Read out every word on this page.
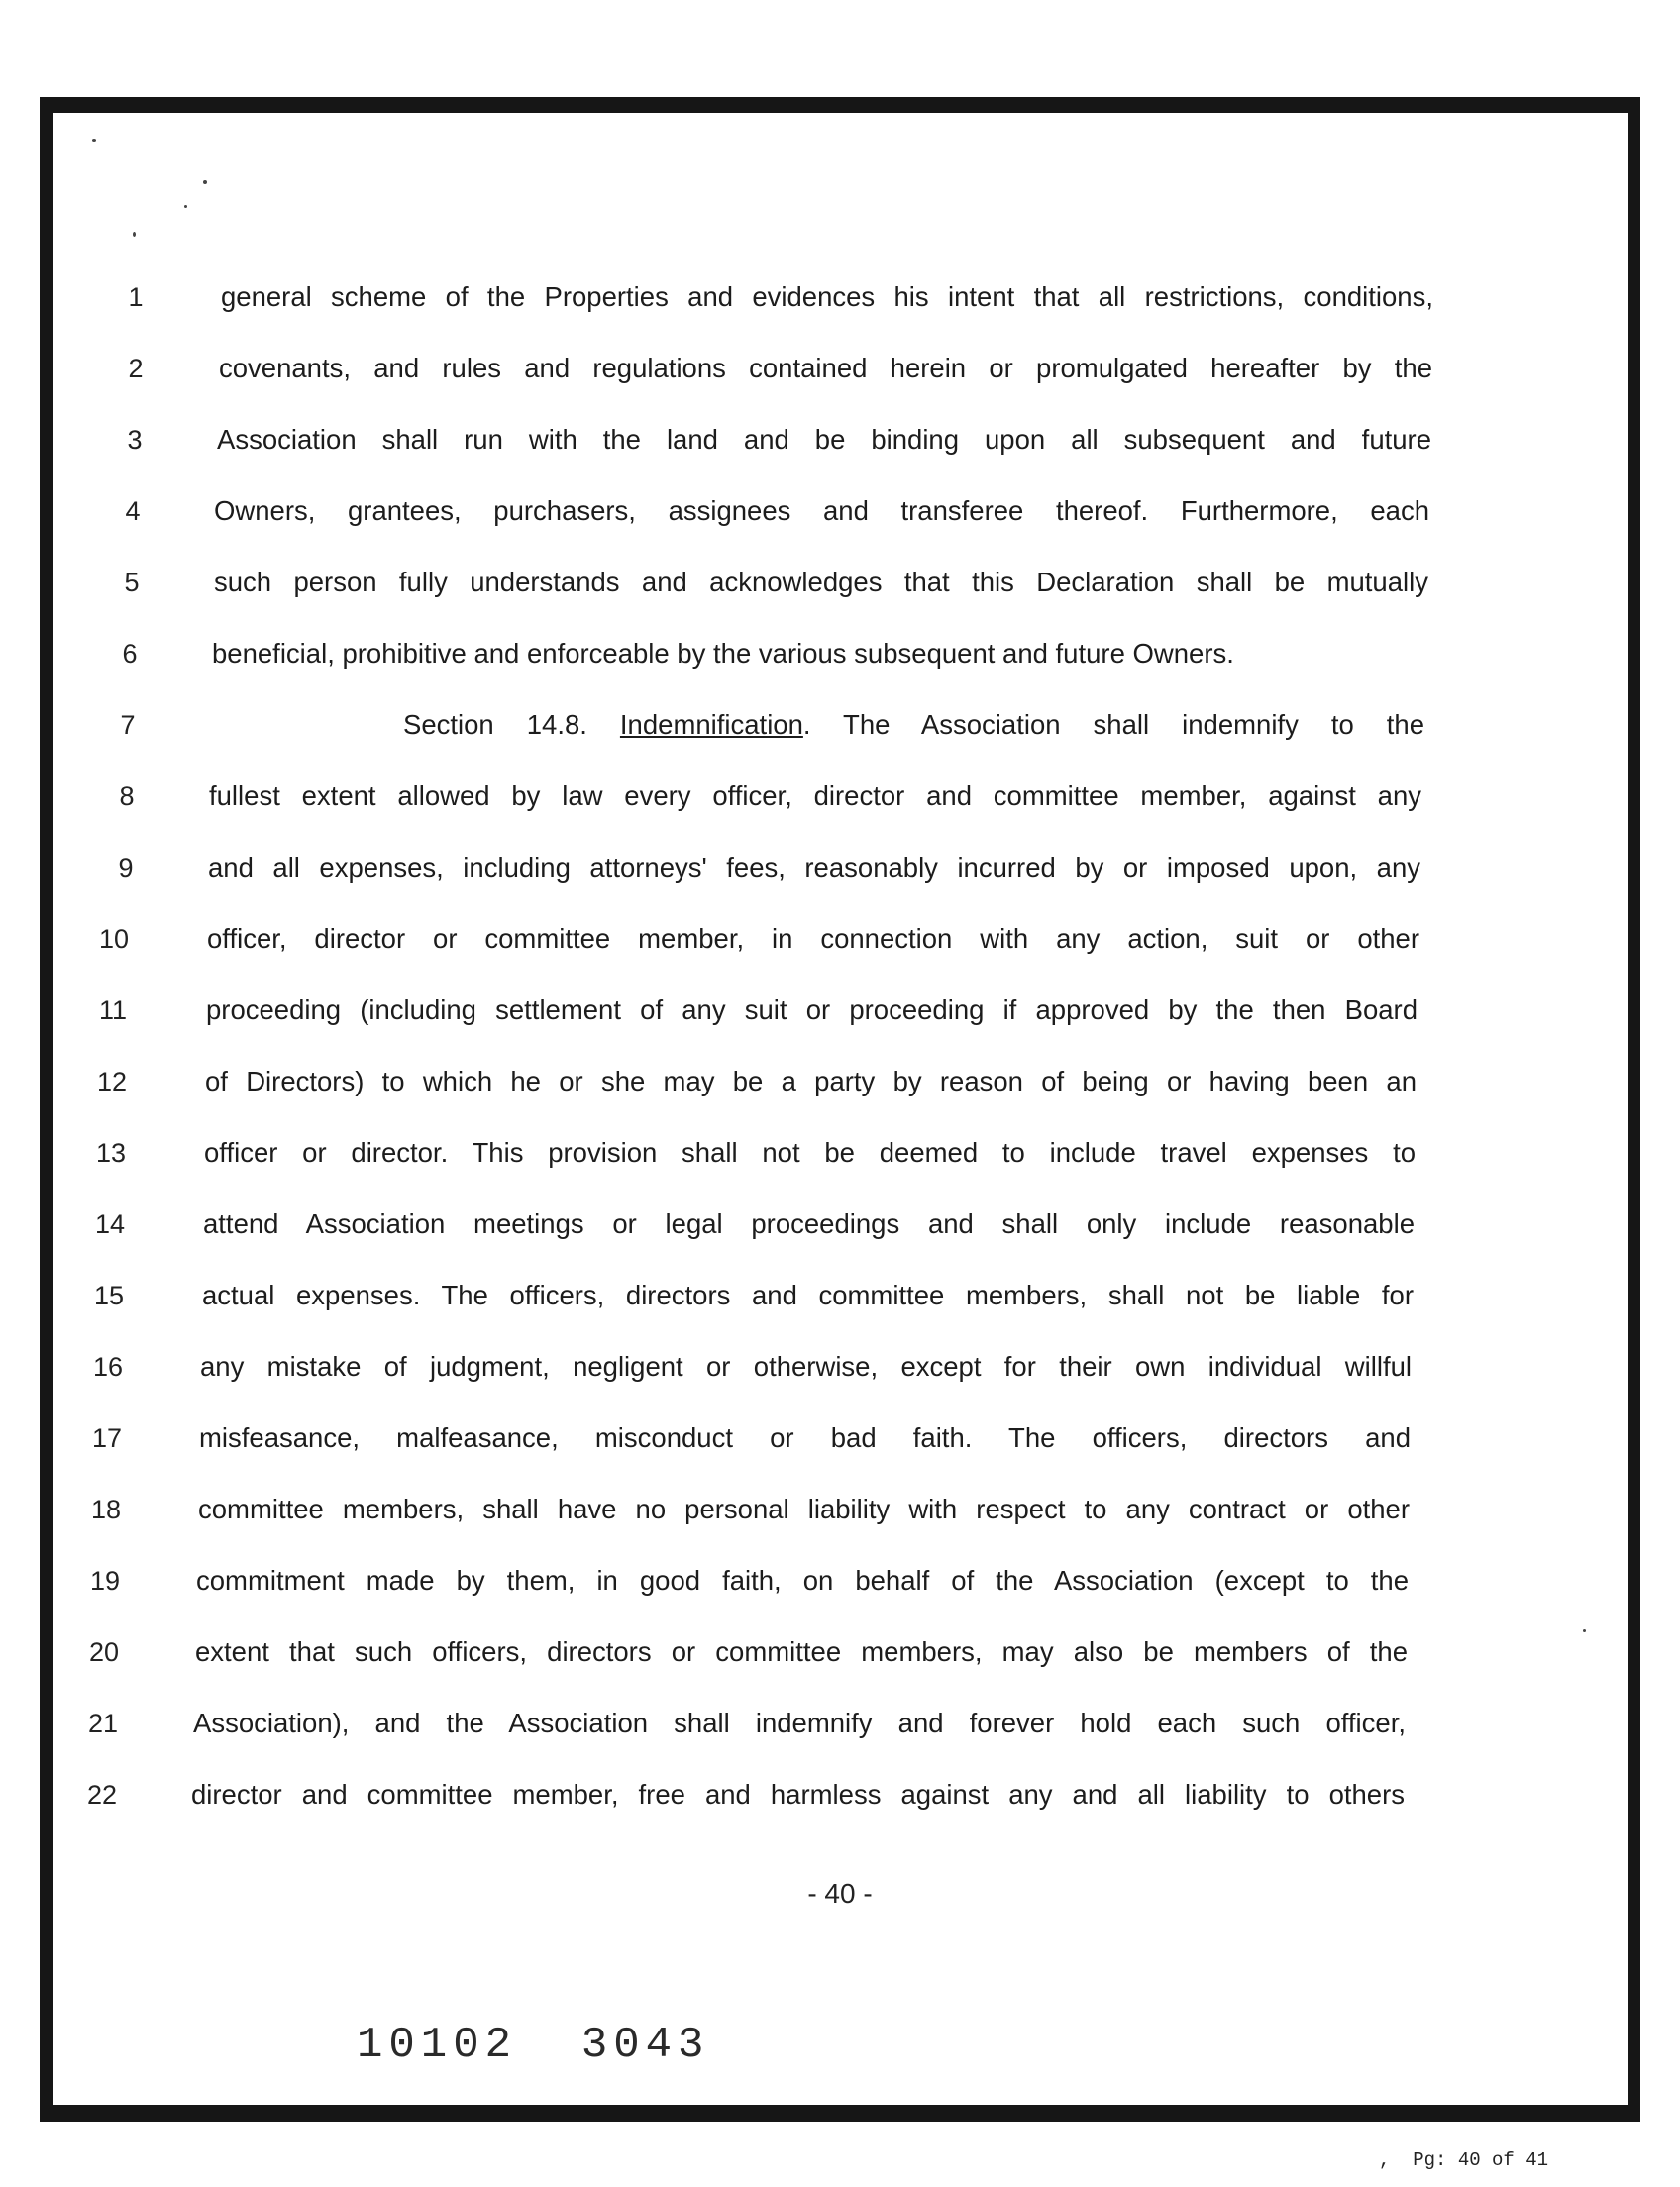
1	general scheme of the Properties and evidences his intent that all restrictions, conditions,
2	covenants, and rules and regulations contained herein or promulgated hereafter by the
3	Association shall run with the land and be binding upon all subsequent and future
4	Owners, grantees, purchasers, assignees and transferee thereof. Furthermore, each
5	such person fully understands and acknowledges that this Declaration shall be mutually
6	beneficial, prohibitive and enforceable by the various subsequent and future Owners.
7	Section 14.8. Indemnification. The Association shall indemnify to the
8	fullest extent allowed by law every officer, director and committee member, against any
9	and all expenses, including attorneys' fees, reasonably incurred by or imposed upon, any
10	officer, director or committee member, in connection with any action, suit or other
11	proceeding (including settlement of any suit or proceeding if approved by the then Board
12	of Directors) to which he or she may be a party by reason of being or having been an
13	officer or director. This provision shall not be deemed to include travel expenses to
14	attend Association meetings or legal proceedings and shall only include reasonable
15	actual expenses. The officers, directors and committee members, shall not be liable for
16	any mistake of judgment, negligent or otherwise, except for their own individual willful
17	misfeasance, malfeasance, misconduct or bad faith. The officers, directors and
18	committee members, shall have no personal liability with respect to any contract or other
19	commitment made by them, in good faith, on behalf of the Association (except to the
20	extent that such officers, directors or committee members, may also be members of the
21	Association), and the Association shall indemnify and forever hold each such officer,
22	director and committee member, free and harmless against any and all liability to others
- 40 -
10102  3043
,  Pg: 40 of 41
